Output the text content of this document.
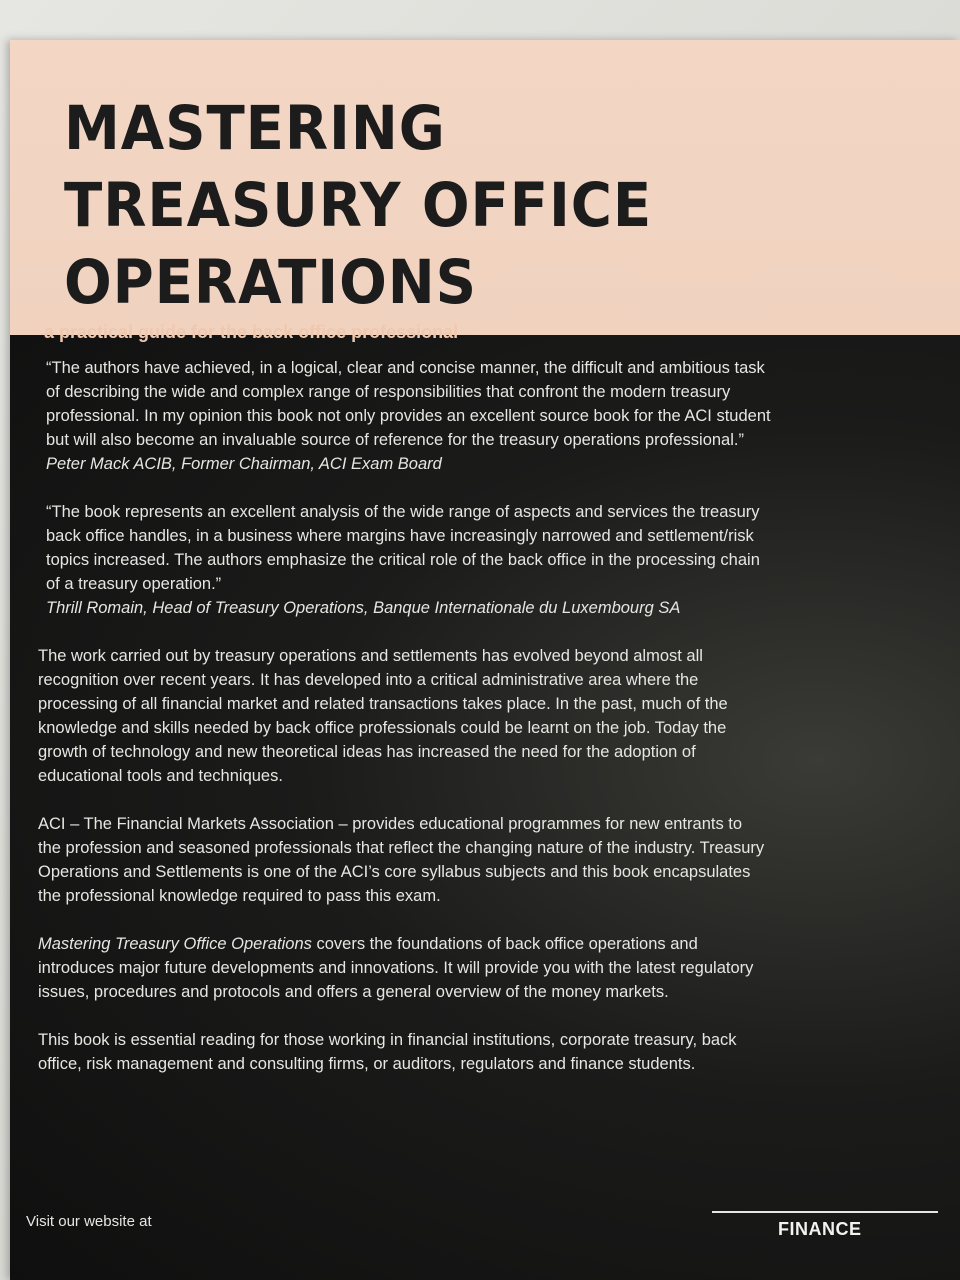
MASTERING
TREASURY OFFICE
OPERATIONS

a practical guide for the back office professional

“The authors have achieved, in a logical, clear and concise manner, the difficult and ambitious task

of describing the wide and complex range of responsibilities that confront the modern treasury

professional. In my opinion this book not only provides an excellent source book for the ACI student

but will also become an invaluable source of reference for the treasury operations professional.”

Peter Mack ACIB, Former Chairman, ACI Exam Board

“The book represents an excellent analysis of the wide range of aspects and services the treasury

back office handles, in a business where margins have increasingly narrowed and settlement/risk

topics increased. The authors emphasize the critical role of the back office in the processing chain

of a treasury operation.”

Thrill Romain, Head of Treasury Operations, Banque Internationale du Luxembourg SA

The work carried out by treasury operations and settlements has evolved beyond almost all
recognition over recent years. It has developed into a critical administrative area where the
processing of all financial market and related transactions takes place. In the past, much of the
knowledge and skills needed by back office professionals could be learnt on the job. Today the
growth of technology and new theoretical ideas has increased the need for the adoption of
educational tools and techniques.
ACI – The Financial Markets Association – provides educational programmes for new entrants to
the profession and seasoned professionals that reflect the changing nature of the industry. Treasury
Operations and Settlements is one of the ACI’s core syllabus subjects and this book encapsulates
the professional knowledge required to pass this exam.
Mastering Treasury Office Operations covers the foundations of back office operations and
introduces major future developments and innovations. It will provide you with the latest regulatory
issues, procedures and protocols and offers a general overview of the money markets.
This book is essential reading for those working in financial institutions, corporate treasury, back
office, risk management and consulting firms, or auditors, regulators and finance students.
Visit our website at	FINANCE
